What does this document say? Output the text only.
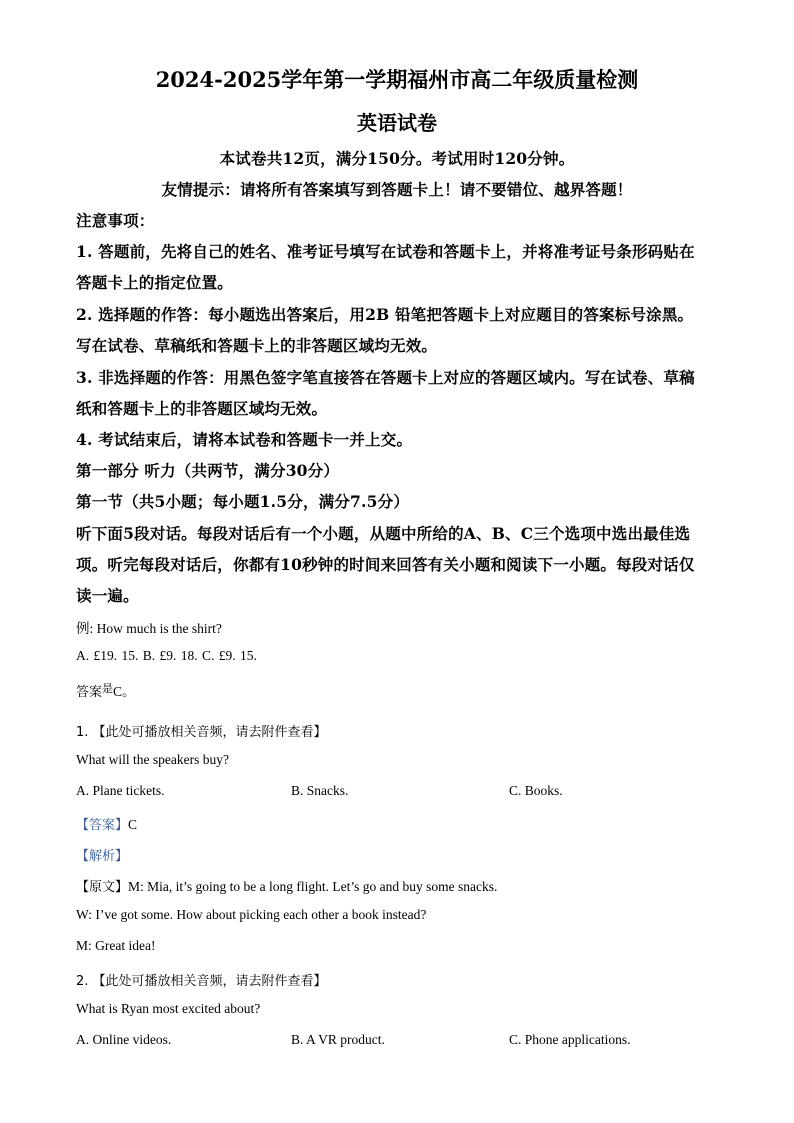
2024-2025学年第一学期福州市高二年级质量检测
英语试卷
本试卷共12页，满分150分。考试用时120分钟。
友情提示：请将所有答案填写到答题卡上！请不要错位、越界答题！
注意事项：
1. 答题前，先将自己的姓名、准考证号填写在试卷和答题卡上，并将准考证号条形码贴在
答题卡上的指定位置。
2. 选择题的作答：每小题选出答案后，用2B 铅笔把答题卡上对应题目的答案标号涂黑。
写在试卷、草稿纸和答题卡上的非答题区域均无效。
3. 非选择题的作答：用黑色签字笔直接答在答题卡上对应的答题区域内。写在试卷、草稿
纸和答题卡上的非答题区域均无效。
4. 考试结束后，请将本试卷和答题卡一并上交。
第一部分 听力（共两节，满分30分）
第一节（共5小题；每小题1.5分，满分7.5分）
听下面5段对话。每段对话后有一个小题，从题中所给的A、B、C三个选项中选出最佳选
项。听完每段对话后，你都有10秒钟的时间来回答有关小题和阅读下一小题。每段对话仅
读一遍。
例: How much is the shirt?
A. £19. 15. B. £9. 18. C. £9. 15.
答案$^是$C。
1. 【此处可播放相关音频，请去附件查看】
What will the speakers buy?
A. Plane tickets.	B. Snacks.	C. Books.
【答案】C
【解析】
【原文】M: Mia, it’s going to be a long flight. Let’s go and buy some snacks.
W: I’ve got some. How about picking each other a book instead?
M: Great idea!
2. 【此处可播放相关音频，请去附件查看】
What is Ryan most excited about?
A. Online videos.	B. A VR product.	C. Phone applications.
